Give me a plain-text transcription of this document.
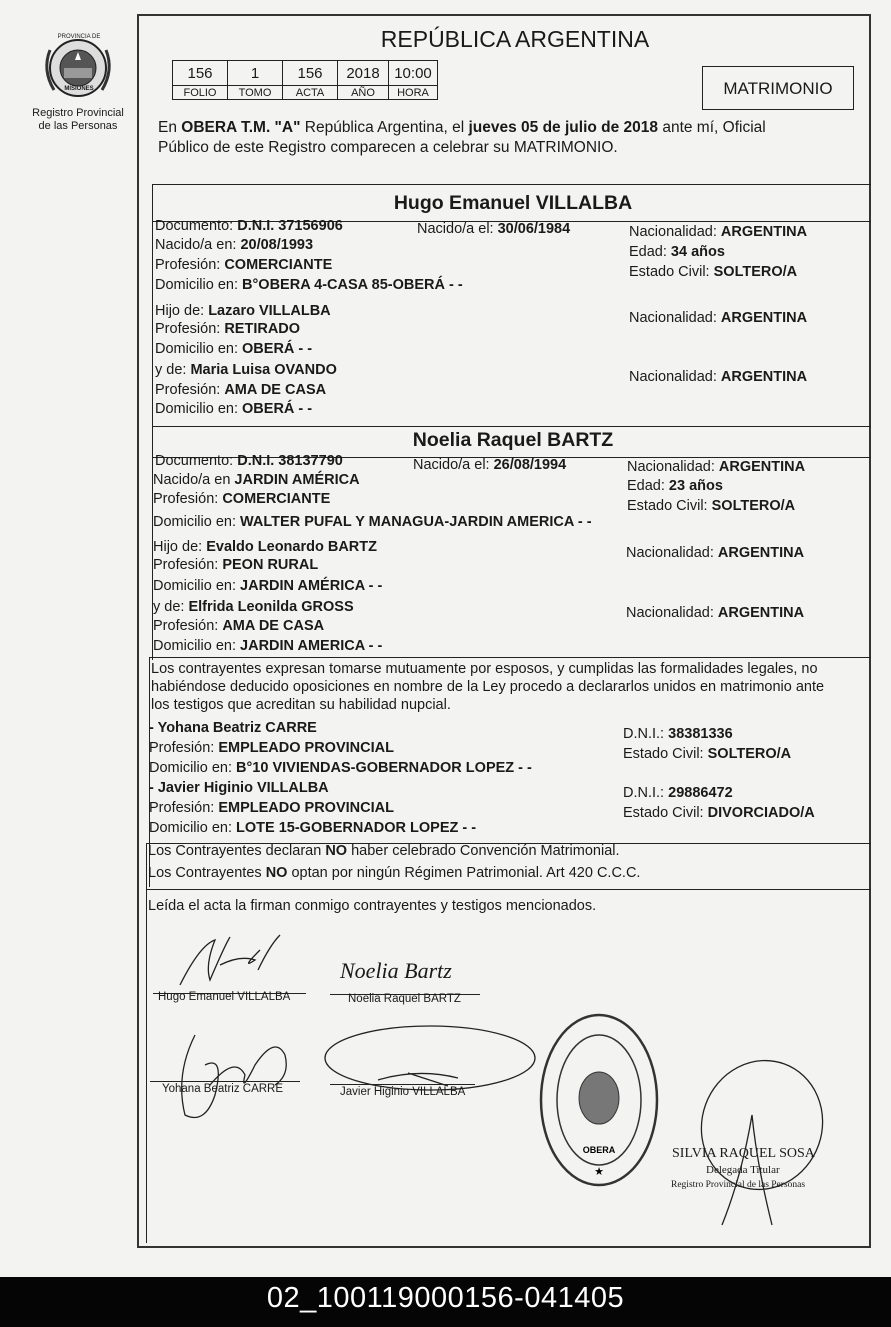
PROVINCIA DE
MISIONES
Registro Provincial
de las Personas
REPÚBLICA ARGENTINA
156	1	156	2018	10:00
FOLIO	TOMO	ACTA	AÑO	HORA	MATRIMONIO
En OBERA T.M. "A" República Argentina, el jueves 05 de julio de 2018 ante mí, Oficial
Público de este Registro comparecen a celebrar su MATRIMONIO.
Hugo Emanuel VILLALBA
Documento: D.N.I. 37156906	Nacido/a el: 30/06/1984	Nacionalidad: ARGENTINA
Nacido/a en: 20/08/1993	Edad: 34 años
Profesión: COMERCIANTE	Estado Civil: SOLTERO/A
Domicilio en: B°OBERA 4-CASA 85-OBERÁ - -
Hijo de: Lazaro VILLALBA	Nacionalidad: ARGENTINA
Profesión: RETIRADO
Domicilio en: OBERÁ - -
y de: Maria Luisa OVANDO	Nacionalidad: ARGENTINA
Profesión: AMA DE CASA
Domicilio en: OBERÁ - -
Noelia Raquel BARTZ
Documento: D.N.I. 38137790	Nacido/a el: 26/08/1994	Nacionalidad: ARGENTINA
Nacido/a en JARDIN AMÉRICA	Edad: 23 años
Profesión: COMERCIANTE	Estado Civil: SOLTERO/A
Domicilio en: WALTER PUFAL Y MANAGUA-JARDIN AMERICA - -
Hijo de: Evaldo Leonardo BARTZ	Nacionalidad: ARGENTINA
Profesión: PEON RURAL
Domicilio en: JARDIN AMÉRICA - -
y de: Elfrida Leonilda GROSS	Nacionalidad: ARGENTINA
Profesión: AMA DE CASA
Domicilio en: JARDIN AMERICA - -
Los contrayentes expresan tomarse mutuamente por esposos, y cumplidas las formalidades legales, no
habiéndose deducido oposiciones en nombre de la Ley procedo a declararlos unidos en matrimonio ante
los testigos que acreditan su habilidad nupcial.
- Yohana Beatriz CARRE	D.N.I.: 38381336
Profesión: EMPLEADO PROVINCIAL	Estado Civil: SOLTERO/A
Domicilio en: B°10 VIVIENDAS-GOBERNADOR LOPEZ - -
- Javier Higinio VILLALBA	D.N.I.: 29886472
Profesión: EMPLEADO PROVINCIAL	Estado Civil: DIVORCIADO/A
Domicilio en: LOTE 15-GOBERNADOR LOPEZ - -
Los Contrayentes declaran NO haber celebrado Convención Matrimonial.
Los Contrayentes NO optan por ningún Régimen Patrimonial. Art 420 C.C.C.
Leída el acta la firman conmigo contrayentes y testigos mencionados.
Hugo Emanuel VILLALBA
Noelia Bartz
Noelia Raquel BARTZ
Yohana Beatriz CARRE	Javier Higinio VILLALBA
OBERA
★
SILVIA RAQUEL SOSA
Delegada Titular
Registro Provincial de las Personas
02_100119000156-041405
